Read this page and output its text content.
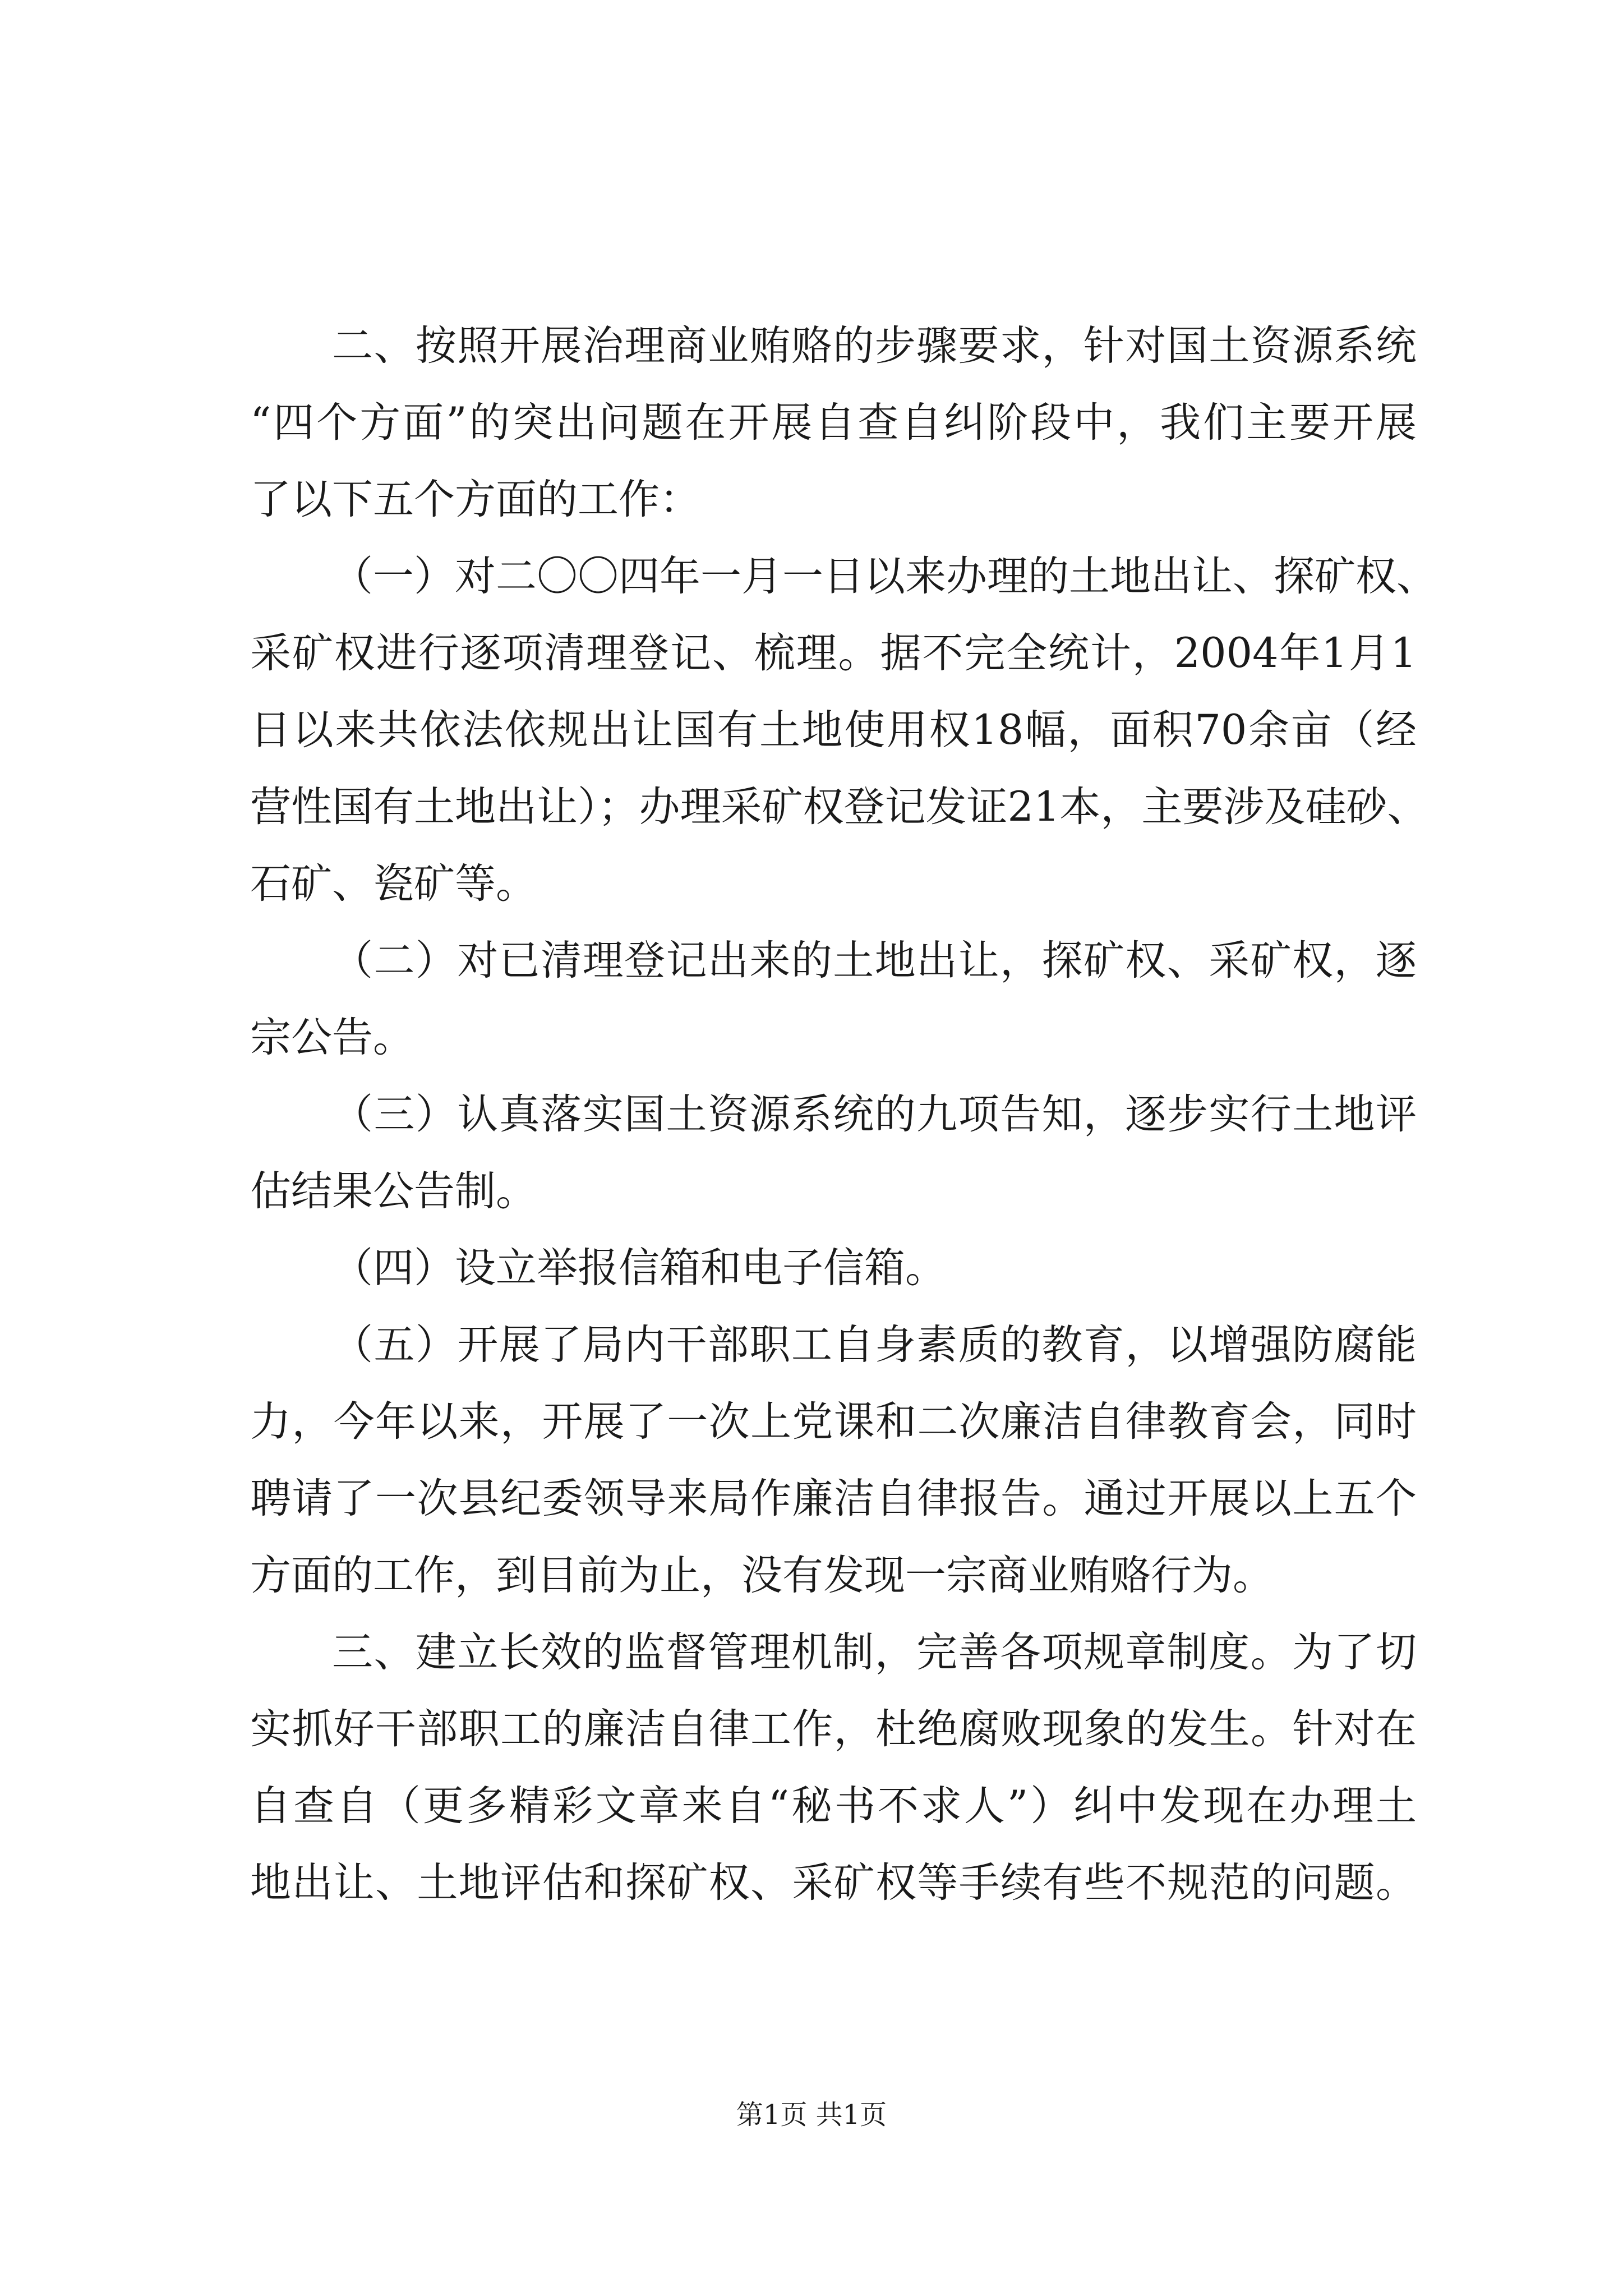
二、按照开展治理商业贿赂的步骤要求，针对国土资源系统
“四个方面”的突出问题在开展自查自纠阶段中，我们主要开展
了以下五个方面的工作：
（一）对二〇〇四年一月一日以来办理的土地出让、探矿权、
采矿权进行逐项清理登记、梳理。据不完全统计，2004年1月1
日以来共依法依规出让国有土地使用权18幅，面积70余亩（经
营性国有土地出让）；办理采矿权登记发证21本，主要涉及硅砂、
石矿、瓷矿等。
（二）对已清理登记出来的土地出让，探矿权、采矿权，逐
宗公告。
（三）认真落实国土资源系统的九项告知，逐步实行土地评
估结果公告制。
（四）设立举报信箱和电子信箱。
（五）开展了局内干部职工自身素质的教育，以增强防腐能
力，今年以来，开展了一次上党课和二次廉洁自律教育会，同时
聘请了一次县纪委领导来局作廉洁自律报告。通过开展以上五个
方面的工作，到目前为止，没有发现一宗商业贿赂行为。
三、建立长效的监督管理机制，完善各项规章制度。为了切
实抓好干部职工的廉洁自律工作，杜绝腐败现象的发生。针对在
自查自（更多精彩文章来自“秘书不求人”）纠中发现在办理土
地出让、土地评估和探矿权、采矿权等手续有些不规范的问题。
第1页 共1页
